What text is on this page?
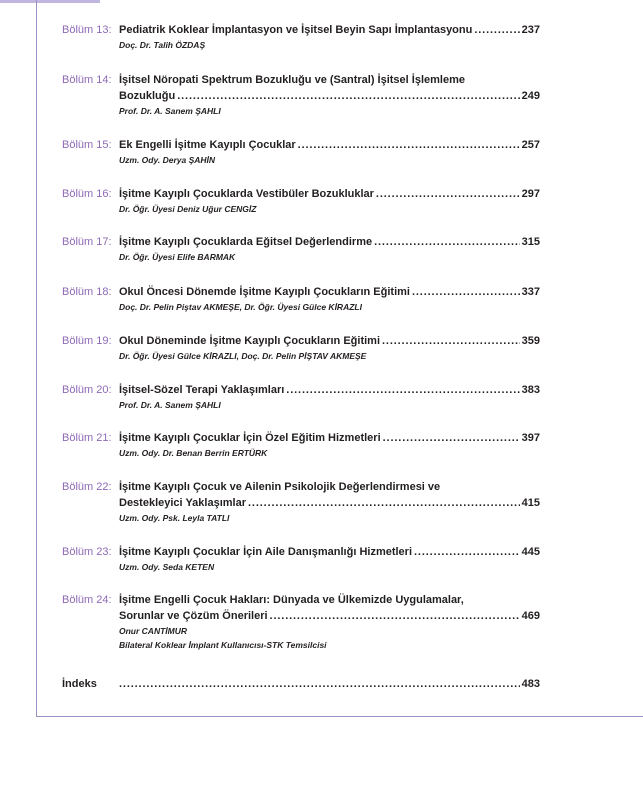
Bölüm 13: Pediatrik Koklear İmplantasyon ve İşitsel Beyin Sapı İmplantasyonu . . .	237
Doç. Dr. Talih ÖZDAŞ
Bölüm 14: İşitsel Nöropati Spektrum Bozukluğu ve (Santral) İşitsel İşlemleme
Bozukluğu . . .	249
Prof. Dr. A. Sanem ŞAHLI
Bölüm 15: Ek Engelli İşitme Kayıplı Çocuklar . . .	257
Uzm. Ody. Derya ŞAHİN
Bölüm 16: İşitme Kayıplı Çocuklarda Vestibüler Bozukluklar . . .	297
Dr. Öğr. Üyesi Deniz Uğur CENGİZ
Bölüm 17: İşitme Kayıplı Çocuklarda Eğitsel Değerlendirme . . .	315
Dr. Öğr. Üyesi Elife BARMAK
Bölüm 18: Okul Öncesi Dönemde İşitme Kayıplı Çocukların Eğitimi . . .	337
Doç. Dr. Pelin Piştav AKMEŞE, Dr. Öğr. Üyesi Gülce KİRAZLI
Bölüm 19: Okul Döneminde İşitme Kayıplı Çocukların Eğitimi . . .	359
Dr. Öğr. Üyesi Gülce KİRAZLI, Doç. Dr. Pelin PİŞTAV AKMEŞE
Bölüm 20: İşitsel-Sözel Terapi Yaklaşımları . . .	383
Prof. Dr. A. Sanem ŞAHLI
Bölüm 21: İşitme Kayıplı Çocuklar İçin Özel Eğitim Hizmetleri . . .	397
Uzm. Ody. Dr. Benan Berrin ERTÜRK
Bölüm 22: İşitme Kayıplı Çocuk ve Ailenin Psikolojik Değerlendirmesi ve
Destekleyici Yaklaşımlar . . .	415
Uzm. Ody. Psk. Leyla TATLI
Bölüm 23: İşitme Kayıplı Çocuklar İçin Aile Danışmanlığı Hizmetleri . . .	445
Uzm. Ody. Seda KETEN
Bölüm 24: İşitme Engelli Çocuk Hakları: Dünyada ve Ülkemizde Uygulamalar,
Sorunlar ve Çözüm Önerileri . . .	469
Onur CANTİMUR
Bilateral Koklear İmplant Kullanıcısı-STK Temsilcisi
İndeks . . .	483
